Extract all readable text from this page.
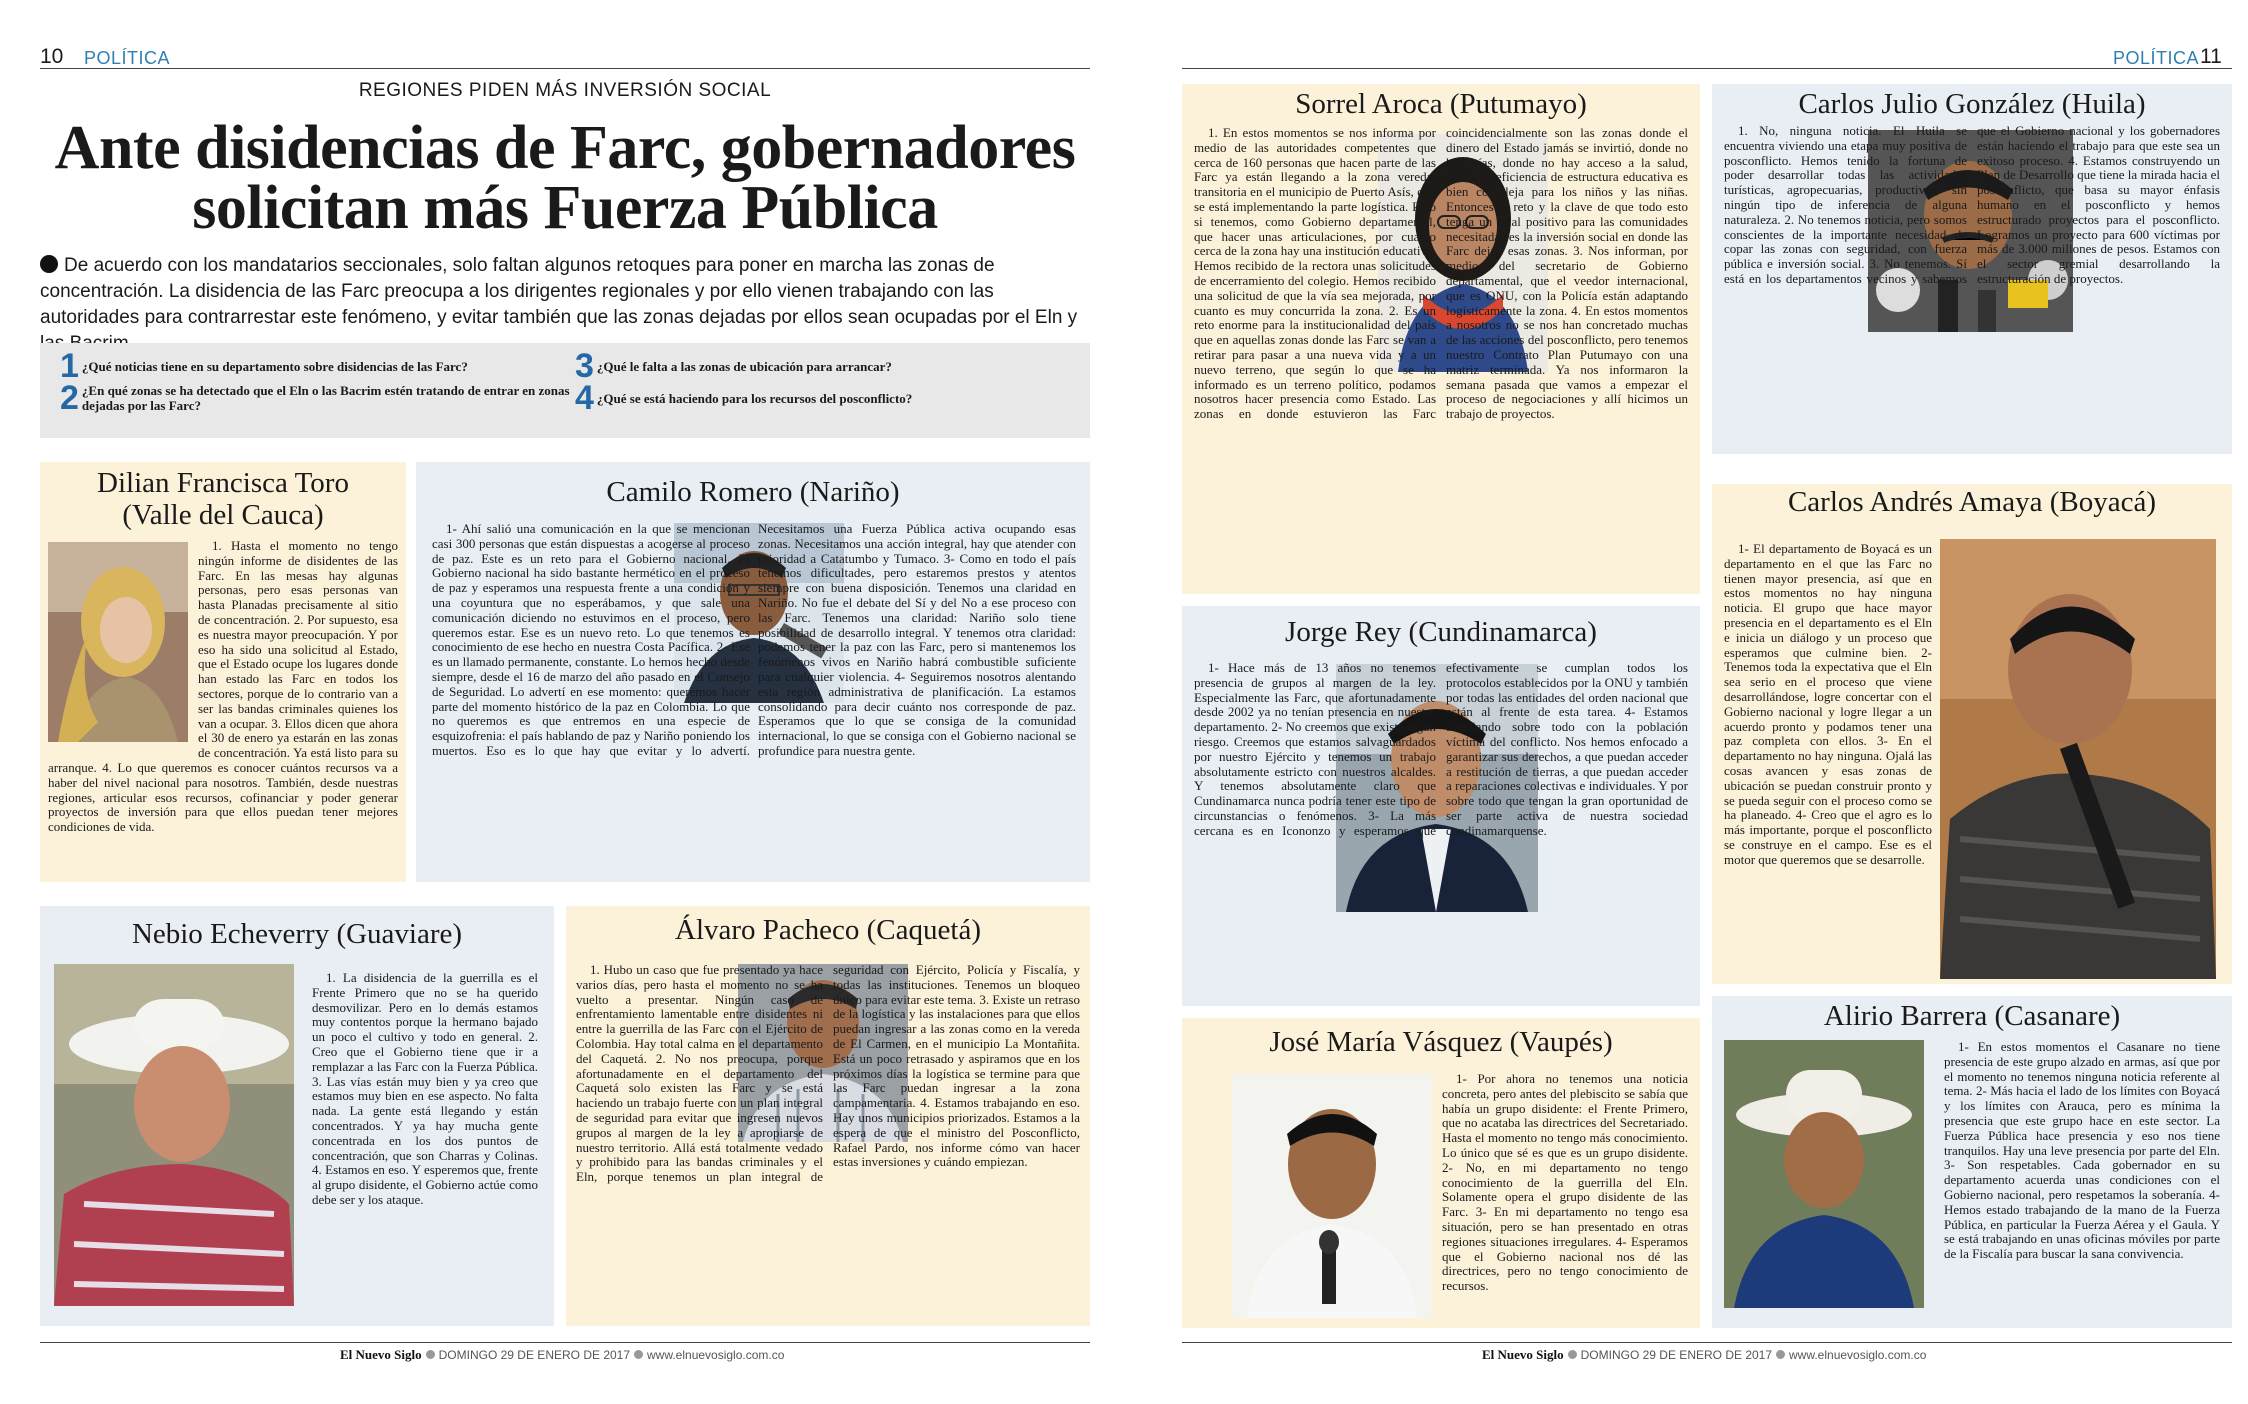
10 POLÍTICA	POLÍTICA 11
REGIONES PIDEN MÁS INVERSIÓN SOCIAL
Ante disidencias de Farc, gobernadores
solicitan más Fuerza Pública
De acuerdo con los mandatarios seccionales, solo faltan algunos retoques para poner en marcha las zonas de concentración. La disidencia de las Farc preocupa a los dirigentes regionales y por ello vienen trabajando con las autoridades para contrarrestar este fenómeno, y evitar también que las zonas dejadas por ellos sean ocupadas por el Eln y
1 ¿Qué noticias tiene en su departamento sobre disidencias de las Farc?
2 ¿En qué zonas se ha detectado que el Eln o las Bacrim estén tratando de entrar en zonas dejadas por las Farc?
3 ¿Qué le falta a las zonas de ubicación para arrancar?
4 ¿Qué se está haciendo para los recursos del posconflicto?
Dilian Francisca Toro
(Valle del Cauca)

1. Hasta el momento no tengo ningún informe de disidentes de las Farc. En las mesas hay algunas personas, pero esas personas van hasta Planadas precisamente al sitio de concentración. 2. Por supuesto, esa es nuestra mayor preocupación. Y por eso ha sido una solicitud al Estado, que el Estado ocupe los lugares donde han estado las Farc en todos los sectores, porque de lo contrario van a ser las bandas criminales quienes los van a ocupar. 3. Ellos dicen que ahora el 30 de enero ya estarán en las zonas de concentración. Ya está listo para su arranque. 4. Lo que queremos es conocer cuántos recursos va a haber del nivel nacional para nosotros. También, desde nuestras regiones, articular esos recursos, cofinanciar y poder generar proyectos de inversión para que ellos puedan tener mejores condiciones de vida.

Camilo Romero (Nariño)

1- Ahí salió una comunicación en la que se mencionan casi 300 personas que están dispuestas a acogerse al proceso de paz. Este es un reto para el Gobierno nacional. El Gobierno nacional ha sido bastante hermético en el proceso de paz y esperamos una respuesta frente a una condición y una coyuntura que no esperábamos, y que sale una comunicación diciendo no estuvimos en el proceso, pero queremos estar. Ese es un nuevo reto. Lo que tenemos es conocimiento de ese hecho en nuestra Costa Pacífica. 2- Ese es un llamado permanente, constante. Lo hemos hecho desde siempre, desde el 16 de marzo del año pasado en el Consejo de Seguridad. Lo advertí en ese momento: queremos hacer parte del momento histórico de la paz en Colombia. Lo que no queremos es que entremos en una especie de esquizofrenia: el país hablando de paz y Nariño poniendo los muertos. Eso es lo que hay que evitar y lo advertí. Necesitamos una Fuerza Pública activa ocupando esas zonas. Necesitamos una acción integral, hay que atender con prioridad a Catatumbo y Tumaco. 3- Como en todo el país tenemos dificultades, pero estaremos prestos y atentos siempre con buena disposición. Tenemos una claridad en Nariño. No fue el debate del Sí y del No a ese proceso con las Farc. Tenemos una claridad: Nariño solo tiene posibilidad de desarrollo integral. Y tenemos otra claridad: podemos tener la paz con las Farc, pero si mantenemos los fenómenos vivos en Nariño habrá combustible suficiente para cualquier violencia. 4- Seguiremos nosotros alentando esta región administrativa de planificación. La estamos consolidando para decir cuánto nos corresponde de paz. Esperamos que lo que se consiga de la comunidad internacional, lo que se consiga con el Gobierno nacional se profundice para nuestra gente.

Nebio Echeverry (Guaviare)

1. La disidencia de la guerrilla es el Frente Primero que no se ha querido desmovilizar. Pero en lo demás estamos muy contentos porque la hermano bajado un poco el cultivo y todo en general. 2. Creo que el Gobierno tiene que ir a remplazar a las Farc con la Fuerza Pública. 3. Las vías están muy bien y ya creo que estamos muy bien en ese aspecto. No falta nada. La gente está llegando y están concentrados. Y ya hay mucha gente concentrada en los dos puntos de concentración, que son Charras y Colinas. 4. Estamos en eso. Y esperemos que, frente al grupo disidente, el Gobierno actúe como debe ser y los ataque.

Álvaro Pacheco (Caquetá)

1. Hubo un caso que fue presentado ya hace varios días, pero hasta el momento no se ha vuelto a presentar. Ningún caso de enfrentamiento lamentable entre disidentes ni entre la guerrilla de las Farc con el Ejército de Colombia. Hay total calma en el departamento del Caquetá. 2. No nos preocupa, porque afortunadamente en el departamento del Caquetá solo existen las Farc y se está haciendo un trabajo fuerte con un plan integral de seguridad para evitar que ingresen nuevos grupos al margen de la ley a apropiarse de nuestro territorio. Allá está totalmente vedado y prohibido para las bandas criminales y el Eln, porque tenemos un plan integral de seguridad con Ejército, Policía y Fiscalía, y todas las instituciones. Tenemos un bloqueo único para evitar este tema. 3. Existe un retraso de la logística y las instalaciones para que ellos puedan ingresar a las zonas como en la vereda de El Carmen, en el municipio La Montañita. Está un poco retrasado y aspiramos que en los próximos días la logística se termine para que las Farc puedan ingresar a la zona campamentaria. 4. Estamos trabajando en eso. Hay unos municipios priorizados. Estamos a la espera de que el ministro del Posconflicto, Rafael Pardo, nos informe cómo van hacer estas inversiones y cuándo empiezan.

Sorrel Aroca (Putumayo)

1. En estos momentos se nos informa por medio de las autoridades competentes que cerca de 160 personas que hacen parte de las Farc ya están llegando a la zona veredal transitoria en el municipio de Puerto Asís, que se está implementando la parte logística. Pero si tenemos, como Gobierno departamental, que hacer unas articulaciones, por cuanto cerca de la zona hay una institución educativa. Hemos recibido de la rectora unas solicitudes de encerramiento del colegio. Hemos recibido una solicitud de que la vía sea mejorada, por cuanto es muy concurrida la zona. 2. Es un reto enorme para la institucionalidad del país que en aquellas zonas donde las Farc se van a retirar para pasar a una nueva vida y a un nuevo terreno, que según lo que se ha informado es un terreno político, podamos nosotros hacer presencia como Estado. Las zonas en donde estuvieron las Farc coincidencialmente son las zonas donde el dinero del Estado jamás se invirtió, donde no hay vías, donde no hay acceso a la salud, donde la eficiencia de estructura educativa es bien compleja para los niños y las niñas. Entonces el reto y la clave de que todo esto tenga un final positivo para las comunidades necesitadas es la inversión social en donde las Farc dejan esas zonas. 3. Nos informan, por medio del secretario de Gobierno departamental, que el veedor internacional, que es ONU, con la Policía están adaptando logísticamente la zona. 4. En estos momentos a nosotros no se nos han concretado muchas de las acciones del posconflicto, pero tenemos nuestro Contrato Plan Putumayo con una matriz terminada. Ya nos informaron la semana pasada que vamos a empezar el proceso de negociaciones y allí hicimos un trabajo de proyectos.

Carlos Julio González (Huila)

1. No, ninguna noticia. El Huila se encuentra viviendo una etapa muy positiva de posconflicto. Hemos tenido la fortuna de poder desarrollar todas las actividades turísticas, agropecuarias, productivas, sin ningún tipo de inferencia de alguna naturaleza. 2. No tenemos noticia, pero somos conscientes de la importante necesidad de copar las zonas con seguridad, con fuerza pública e inversión social. 3. No tenemos. Sí está en los departamentos vecinos y sabemos que el Gobierno nacional y los gobernadores están haciendo el trabajo para que este sea un exitoso proceso. 4. Estamos construyendo un Plan de Desarrollo que tiene la mirada hacia el posconflicto, que basa su mayor énfasis humano en el posconflicto y hemos estructurado proyectos para el posconflicto. Logramos un proyecto para 600 víctimas por más de 3.000 millones de pesos. Estamos con el sector gremial desarrollando la estructuración de proyectos.

Jorge Rey (Cundinamarca)

1- Hace más de 13 años no tenemos presencia de grupos al margen de la ley. Especialmente las Farc, que afortunadamente desde 2002 ya no tenían presencia en nuestro departamento. 2- No creemos que exista algún riesgo. Creemos que estamos salvaguardados por nuestro Ejército y tenemos un trabajo absolutamente estricto con nuestros alcaldes. Y tenemos absolutamente claro que Cundinamarca nunca podría tener este tipo de circunstancias o fenómenos. 3- La más cercana es en Icononzo y esperamos que efectivamente se cumplan todos los protocolos establecidos por la ONU y también por todas las entidades del orden nacional que están al frente de esta tarea. 4- Estamos trabajando sobre todo con la población víctima del conflicto. Nos hemos enfocado a garantizar sus derechos, a que puedan acceder a restitución de tierras, a que puedan acceder a reparaciones colectivas e individuales. Y por sobre todo que tengan la gran oportunidad de ser parte activa de nuestra sociedad cundinamarquense.

Carlos Andrés Amaya (Boyacá)

1- El departamento de Boyacá es un departamento en el que las Farc no tienen mayor presencia, así que en estos momentos no hay ninguna noticia. El grupo que hace mayor presencia en el departamento es el Eln e inicia un diálogo y un proceso que esperamos que culmine bien. 2- Tenemos toda la expectativa que el Eln sea serio en el proceso que viene desarrollándose, logre concertar con el Gobierno nacional y logre llegar a un acuerdo pronto y podamos tener una paz completa con ellos. 3- En el departamento no hay ninguna. Ojalá las cosas avancen y esas zonas de ubicación se puedan construir pronto y se pueda seguir con el proceso como se ha planeado. 4- Creo que el agro es lo más importante, porque el posconflicto se construye en el campo. Ese es el motor que queremos que se desarrolle.

José María Vásquez (Vaupés)

1- Por ahora no tenemos una noticia concreta, pero antes del plebiscito se sabía que había un grupo disidente: el Frente Primero, que no acataba las directrices del Secretariado. Hasta el momento no tengo más conocimiento. Lo único que sé es que es un grupo disidente. 2- No, en mi departamento no tengo conocimiento de la guerrilla del Eln. Solamente opera el grupo disidente de las Farc. 3- En mi departamento no tengo esa situación, pero se han presentado en otras regiones situaciones irregulares. 4- Esperamos que el Gobierno nacional nos dé las directrices, pero no tengo conocimiento de recursos.

Alirio Barrera (Casanare)

1- En estos momentos el Casanare no tiene presencia de este grupo alzado en armas, así que por el momento no tenemos ninguna noticia referente al tema. 2- Más hacia el lado de los límites con Boyacá y los límites con Arauca, pero es mínima la presencia que este grupo hace en este sector. La Fuerza Pública hace presencia y eso nos tiene tranquilos. Hay una leve presencia por parte del Eln. 3- Son respetables. Cada gobernador en su departamento acuerda unas condiciones con el Gobierno nacional, pero respetamos la soberanía. 4- Hemos estado trabajando de la mano de la Fuerza Pública, en particular la Fuerza Aérea y el Gaula. Y se está trabajando en unas oficinas móviles por parte de la Fiscalía para buscar la sana convivencia.

El Nuevo Siglo DOMINGO 29 DE ENERO DE 2017 www.elnuevosiglo.com.co	El Nuevo Siglo DOMINGO 29 DE ENERO DE 2017 www.elnuevosiglo.com.co
